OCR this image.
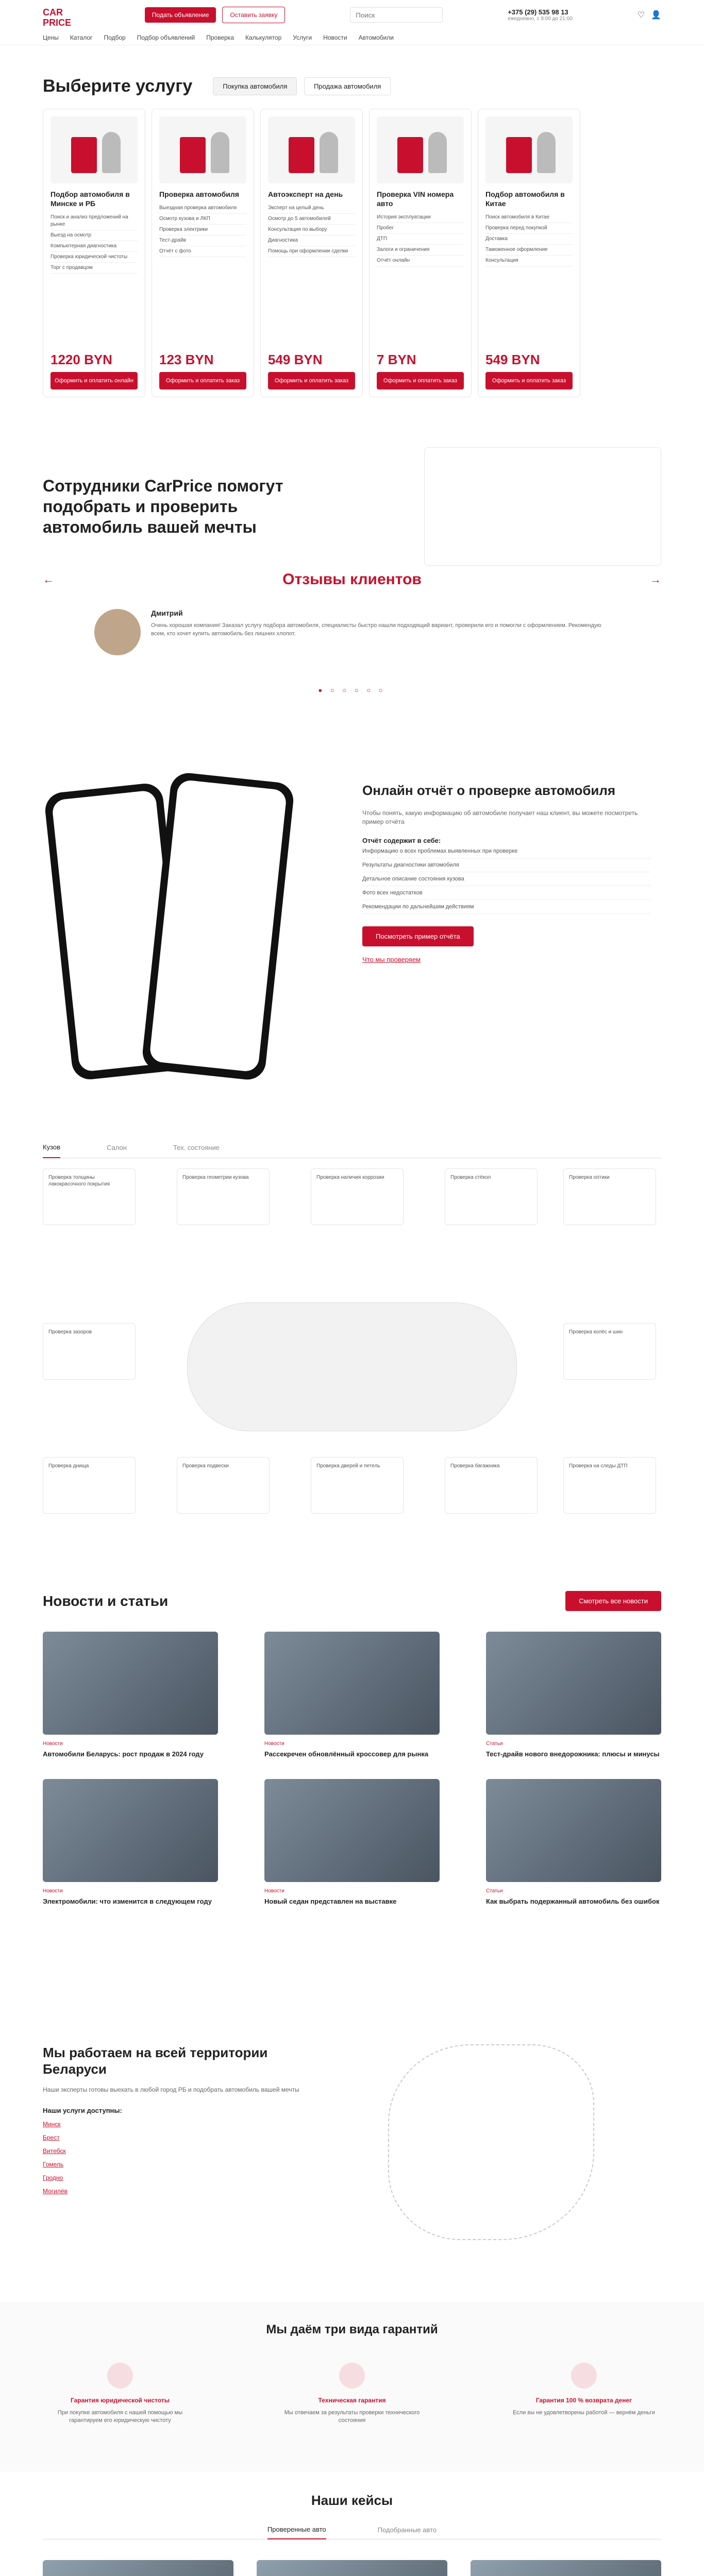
CAR PRICE
Подать объявление	Оставить заявку
Поиск	+375 (29) 535 98 13
ежедневно, с 9:00 до 21:00	♡ 👤
Цены Каталог Подбор Подбор объявлений Проверка Калькулятор Услуги Новости Автомобили
Выберите услугу	Покупка автомобиля	Продажа автомобиля
Подбор автомобиля в Минске и РБ
Поиск и анализ предложений на рынке
Выезд на осмотр
Компьютерная диагностика
Проверка юридической чистоты
Торг с продавцом
1220 BYN
Оформить и оплатить онлайн
Проверка автомобиля
Выездная проверка автомобиля
Осмотр кузова и ЛКП
Проверка электрики
Тест-драйв
Отчёт с фото
123 BYN
Оформить и оплатить заказ
Автоэксперт на день
Эксперт на целый день
Осмотр до 5 автомобилей
Консультация по выбору
Диагностика
Помощь при оформлении сделки
549 BYN
Оформить и оплатить заказ
Проверка VIN номера авто
История эксплуатации
Пробег
ДТП
Залоги и ограничения
Отчёт онлайн
7 BYN
Оформить и оплатить заказ
Подбор автомобиля в Китае
Поиск автомобиля в Китае
Проверка перед покупкой
Доставка
Таможенное оформление
Консультация
549 BYN
Оформить и оплатить заказ
Сотрудники CarPrice помогут подобрать и проверить автомобиль вашей мечты
←	Отзывы клиентов	→
Дмитрий
Очень хорошая компания! Заказал услугу подбора автомобиля, специалисты быстро нашли подходящий вариант, проверили его и помогли с оформлением. Рекомендую всем, кто хочет купить автомобиль без лишних хлопот.
● ○ ○ ○ ○ ○
Онлайн отчёт о проверке автомобиля
Чтобы понять, какую информацию об автомобиле получает наш клиент, вы можете посмотреть пример отчёта
Отчёт содержит в себе:
Информацию о всех проблемах выявленных при проверке
Результаты диагностики автомобиля
Детальное описание состояния кузова
Фото всех недостатков
Рекомендации по дальнейшим действиям
Посмотреть пример отчёта
Что мы проверяем
Кузов	Салон	Тех. состояние
Проверка толщины лакокрасочного покрытия
Проверка геометрии кузова	Проверка наличия коррозии	Проверка стёкол	Проверка оптики
Проверка зазоров	Проверка колёс и шин
Проверка днища	Проверка подвески	Проверка дверей и петель	Проверка багажника	Проверка на следы ДТП
Новости и статьи	Смотреть все новости
Новости
Автомобили Беларусь: рост продаж в 2024 году
Новости
Рассекречен обновлённый кроссовер для рынка
Статьи
Тест-драйв нового внедорожника: плюсы и минусы
Новости
Электромобили: что изменится в следующем году
Новости
Новый седан представлен на выставке
Статьи
Как выбрать подержанный автомобиль без ошибок
Мы работаем на всей территории Беларуси
Наши эксперты готовы выехать в любой город РБ и подобрать автомобиль вашей мечты
Наши услуги доступны:
Минск
Брест
Витебск
Гомель
Гродно
Могилёв
Мы даём три вида гарантий
Гарантия юридической чистоты
При покупке автомобиля с нашей помощью мы гарантируем его юридическую чистоту
Техническая гарантия
Мы отвечаем за результаты проверки технического состояния
Гарантия 100 % возврата денег
Если вы не удовлетворены работой — вернём деньги
Наши кейсы
Проверенные авто	Подобранные авто
